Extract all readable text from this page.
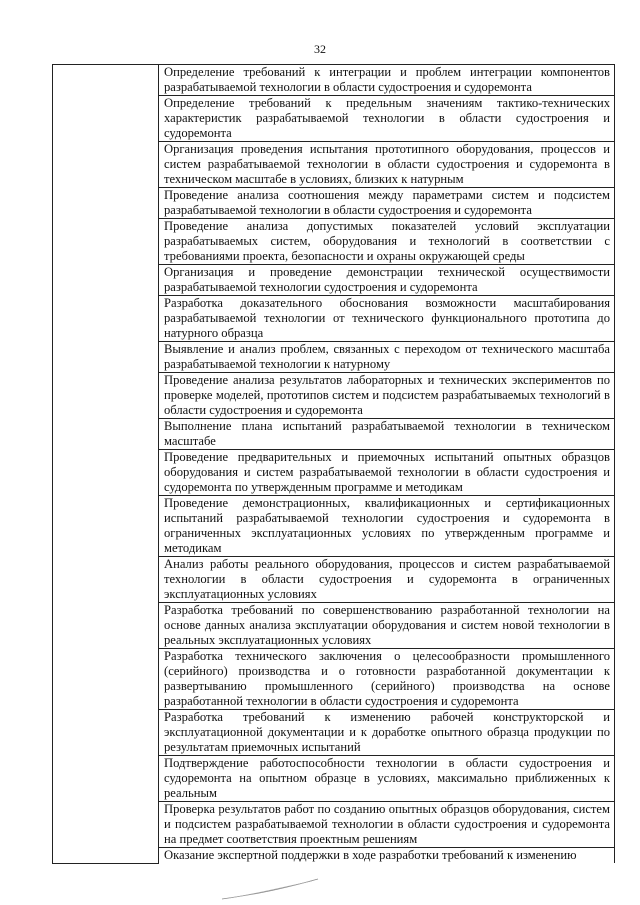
32
	Определение требований к интеграции и проблем интеграции компонентов разрабатываемой технологии в области судостроения и судоремонта
Определение требований к предельным значениям тактико-технических характеристик разрабатываемой технологии в области судостроения и судоремонта
Организация проведения испытания прототипного оборудования, процессов и систем разрабатываемой технологии в области судостроения и судоремонта в техническом масштабе в условиях, близких к натурным
Проведение анализа соотношения между параметрами систем и подсистем разрабатываемой технологии в области судостроения и судоремонта
Проведение анализа допустимых показателей условий эксплуатации разрабатываемых систем, оборудования и технологий в соответствии с требованиями проекта, безопасности и охраны окружающей среды
Организация и проведение демонстрации технической осуществимости разрабатываемой технологии судостроения и судоремонта
Разработка доказательного обоснования возможности масштабирования разрабатываемой технологии от технического функционального прототипа до натурного образца
Выявление и анализ проблем, связанных с переходом от технического масштаба разрабатываемой технологии к натурному
Проведение анализа результатов лабораторных и технических экспериментов по проверке моделей, прототипов систем и подсистем разрабатываемых технологий в области судостроения и судоремонта
Выполнение плана испытаний разрабатываемой технологии в техническом масштабе
Проведение предварительных и приемочных испытаний опытных образцов оборудования и систем разрабатываемой технологии в области судостроения и судоремонта по утвержденным программе и методикам
Проведение демонстрационных, квалификационных и сертификационных испытаний разрабатываемой технологии судостроения и судоремонта в ограниченных эксплуатационных условиях по утвержденным программе и методикам
Анализ работы реального оборудования, процессов и систем разрабатываемой технологии в области судостроения и судоремонта в ограниченных эксплуатационных условиях
Разработка требований по совершенствованию разработанной технологии на основе данных анализа эксплуатации оборудования и систем новой технологии в реальных эксплуатационных условиях
Разработка технического заключения о целесообразности промышленного (серийного) производства и о готовности разработанной документации к развертыванию промышленного (серийного) производства на основе разработанной технологии в области судостроения и судоремонта
Разработка требований к изменению рабочей конструкторской и эксплуатационной документации и к доработке опытного образца продукции по результатам приемочных испытаний
Подтверждение работоспособности технологии в области судостроения и судоремонта на опытном образце в условиях, максимально приближенных к реальным
Проверка результатов работ по созданию опытных образцов оборудования, систем и подсистем разрабатываемой технологии в области судостроения и судоремонта на предмет соответствия проектным решениям
Оказание экспертной поддержки в ходе разработки требований к изменению
